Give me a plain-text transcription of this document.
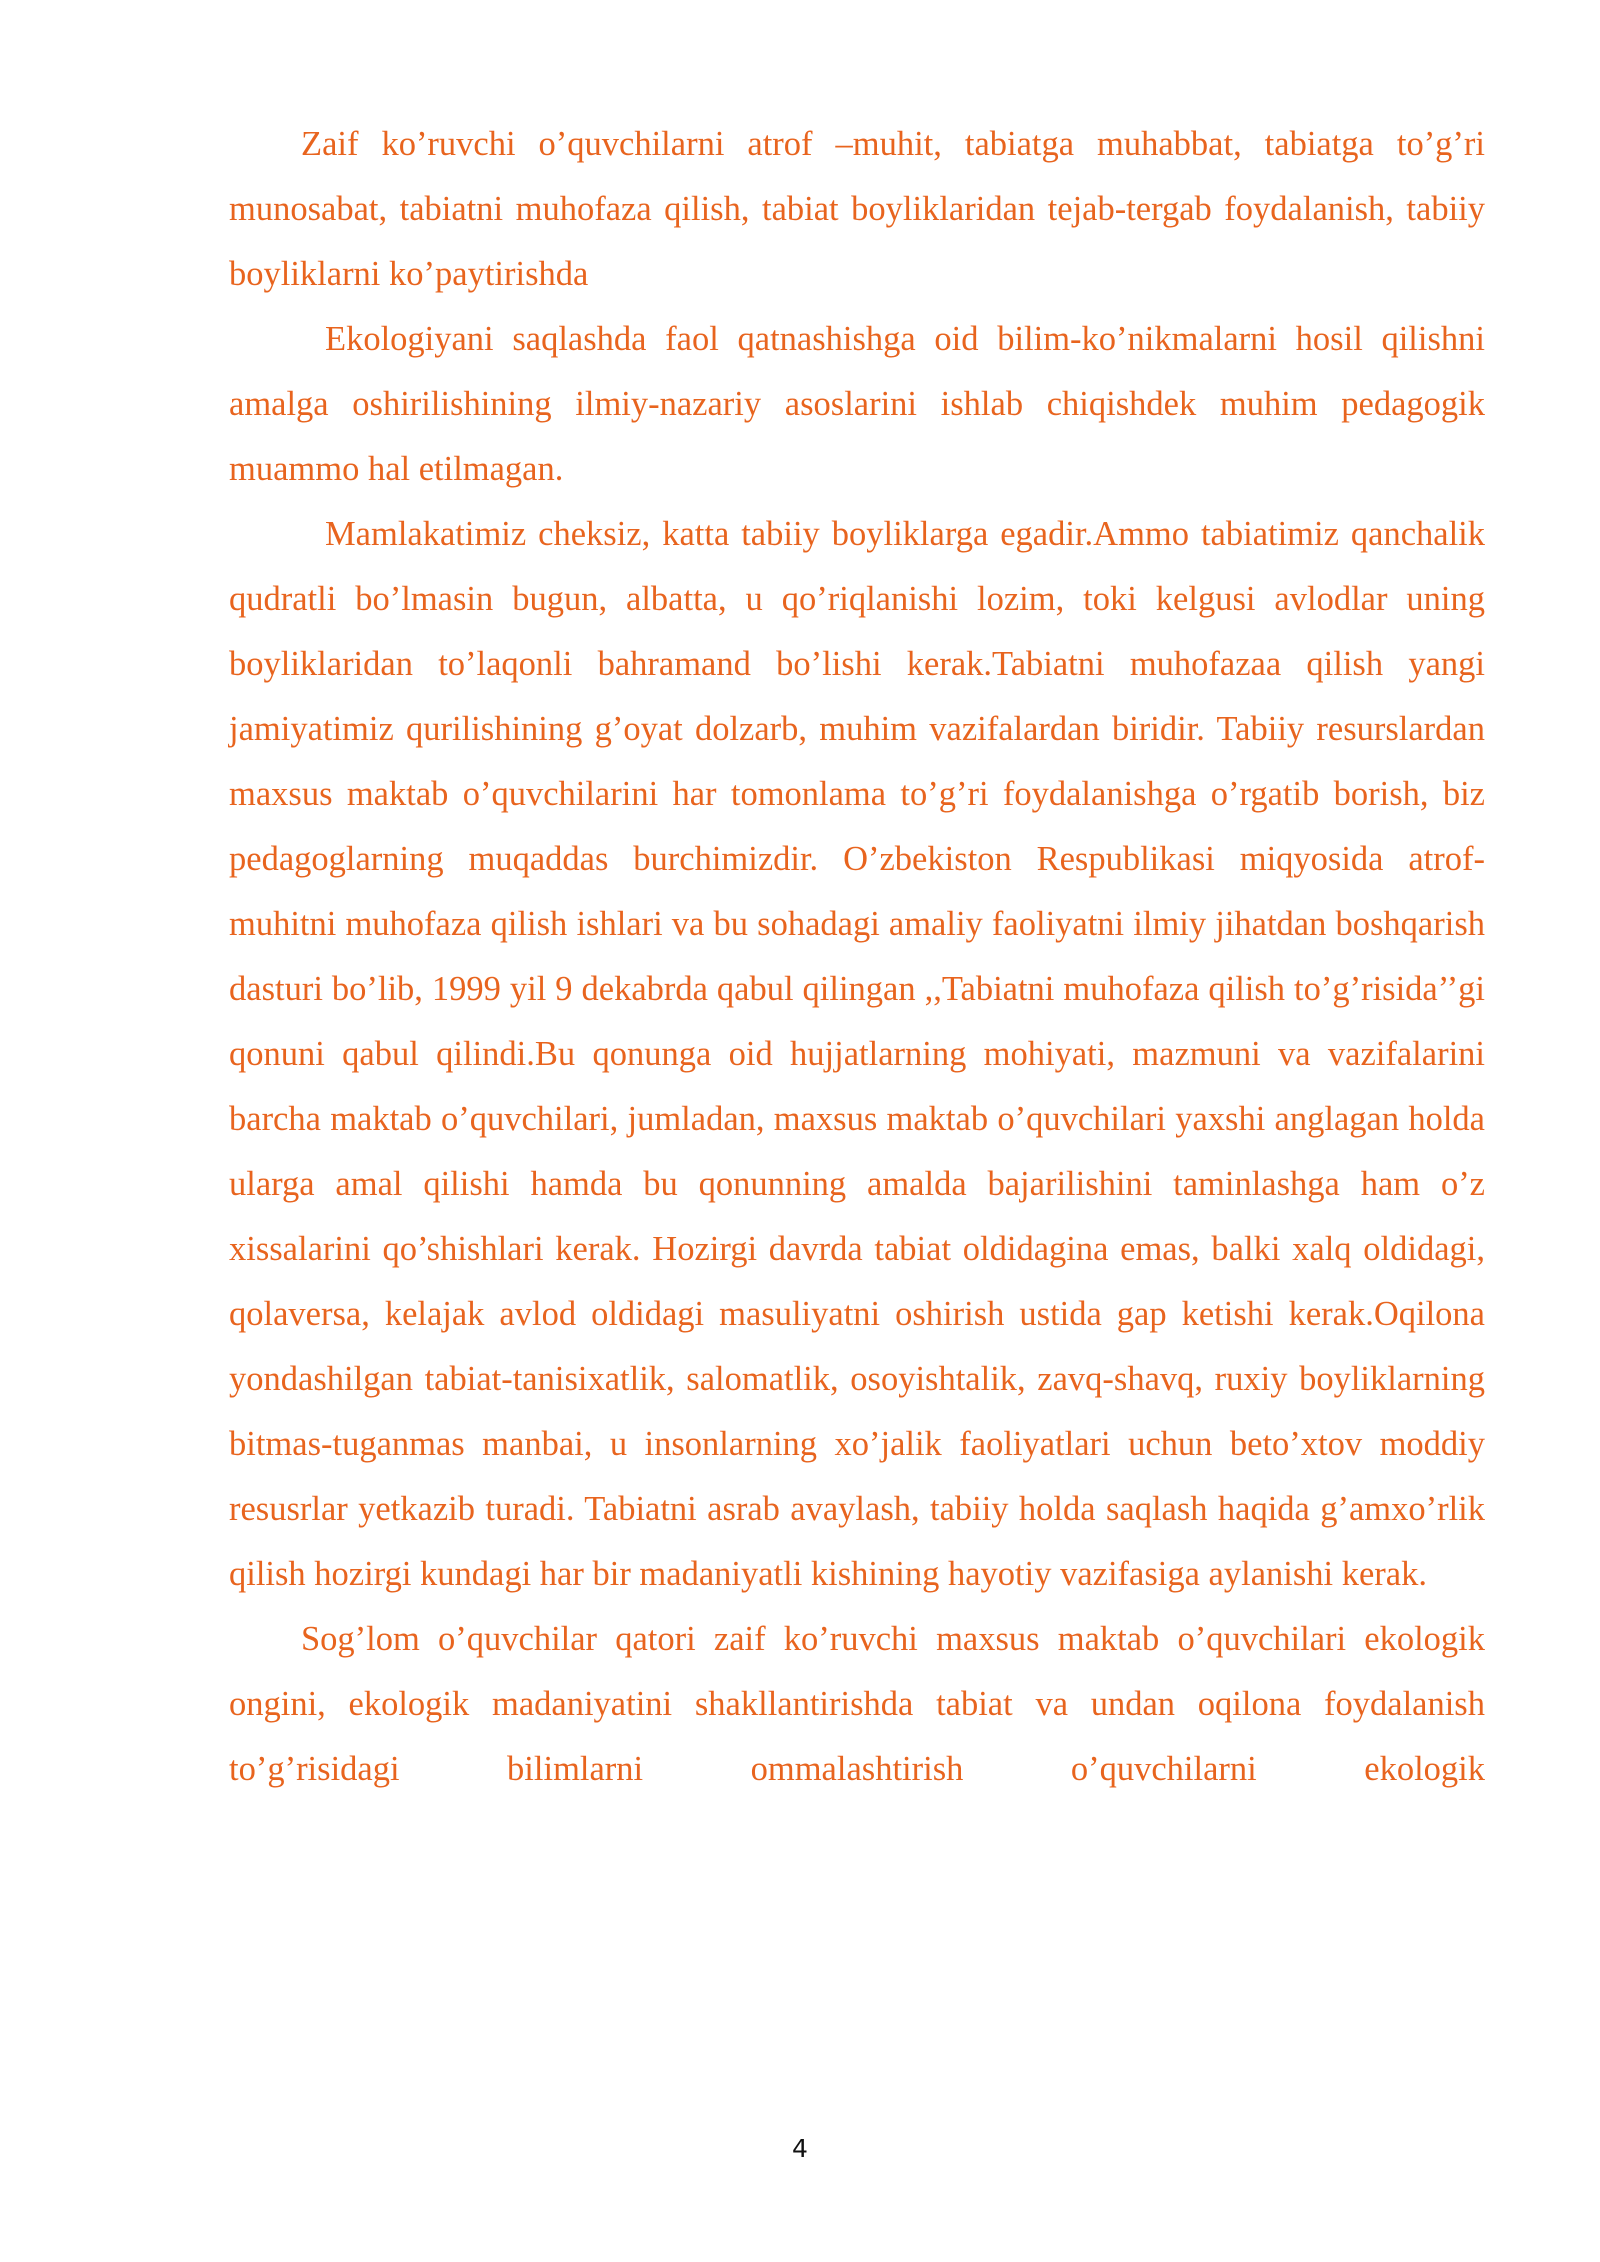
Zaif ko’ruvchi o’quvchilarni atrof –muhit, tabiatga muhabbat, tabiatga to’g’ri munosabat, tabiatni muhofaza qilish, tabiat boyliklaridan tejab-tergab foydalanish, tabiiy boyliklarni ko’paytirishda

Ekologiyani saqlashda faol qatnashishga oid bilim-ko’nikmalarni hosil qilishni amalga oshirilishining ilmiy-nazariy asoslarini ishlab chiqishdek muhim pedagogik muammo hal etilmagan.

Mamlakatimiz cheksiz, katta tabiiy boyliklarga egadir.Ammo tabiatimiz qanchalik qudratli bo’lmasin bugun, albatta, u qo’riqlanishi lozim, toki kelgusi avlodlar uning boyliklaridan to’laqonli bahramand bo’lishi kerak.Tabiatni muhofazaa qilish yangi jamiyatimiz qurilishining g’oyat dolzarb, muhim vazifalardan biridir. Tabiiy resurslardan maxsus maktab o’quvchilarini har tomonlama to’g’ri foydalanishga o’rgatib borish, biz pedagoglarning muqaddas burchimizdir. O’zbekiston Respublikasi miqyosida atrof-muhitni muhofaza qilish ishlari va bu sohadagi amaliy faoliyatni ilmiy jihatdan boshqarish dasturi bo’lib, 1999 yil 9 dekabrda qabul qilingan ,,Tabiatni muhofaza qilish to’g’risida’’gi qonuni qabul qilindi.Bu qonunga oid hujjatlarning mohiyati, mazmuni va vazifalarini barcha maktab o’quvchilari, jumladan, maxsus maktab o’quvchilari yaxshi anglagan holda ularga amal qilishi hamda bu qonunning amalda bajarilishini taminlashga ham o’z xissalarini qo’shishlari kerak. Hozirgi davrda tabiat oldidagina emas, balki xalq oldidagi, qolaversa, kelajak avlod oldidagi masuliyatni oshirish ustida gap ketishi kerak.Oqilona yondashilgan tabiat-tanisixatlik, salomatlik, osoyishtalik, zavq-shavq, ruxiy boyliklarning bitmas-tuganmas manbai, u insonlarning xo’jalik faoliyatlari uchun beto’xtov moddiy resusrlar yetkazib turadi. Tabiatni asrab avaylash, tabiiy holda saqlash haqida g’amxo’rlik qilish hozirgi kundagi har bir madaniyatli kishining hayotiy vazifasiga aylanishi kerak.

Sog’lom o’quvchilar qatori zaif ko’ruvchi maxsus maktab o’quvchilari ekologik ongini, ekologik madaniyatini shakllantirishda tabiat va undan oqilona foydalanish to’g’risidagi bilimlarni ommalashtirish o’quvchilarni ekologik

4
